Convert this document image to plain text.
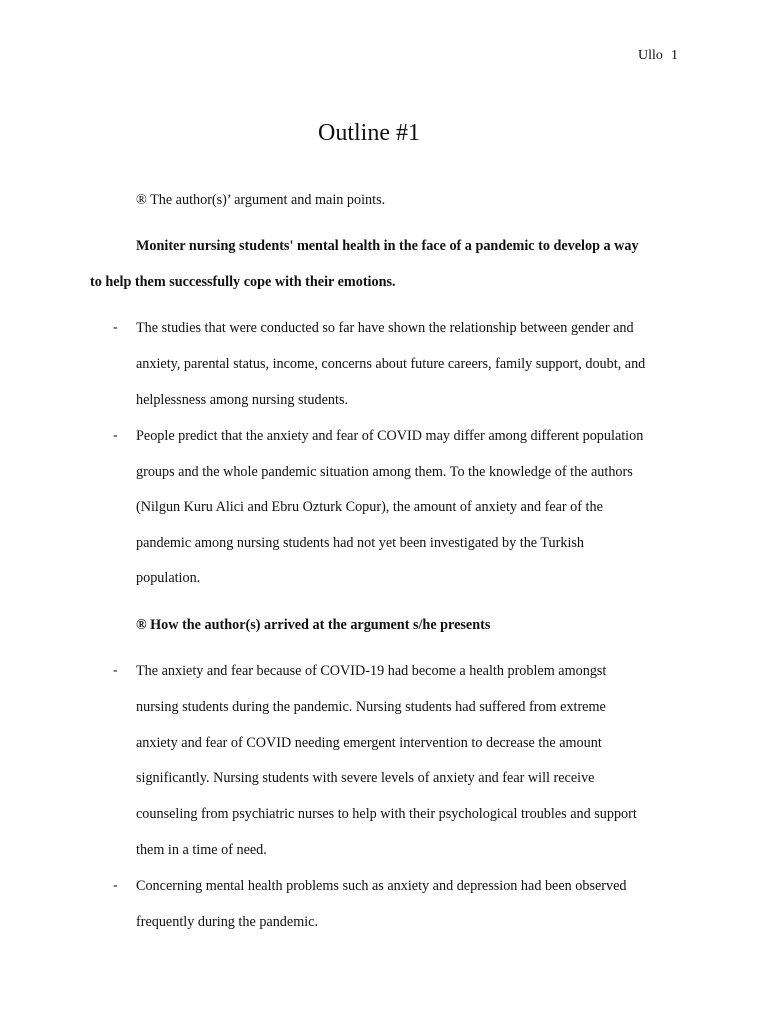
Ullo 1
Outline #1
® The author(s)’ argument and main points.
Moniter nursing students' mental health in the face of a pandemic to develop a way
to help them successfully cope with their emotions.
- The studies that were conducted so far have shown the relationship between gender and
anxiety, parental status, income, concerns about future careers, family support, doubt, and
helplessness among nursing students.
- People predict that the anxiety and fear of COVID may differ among different population
groups and the whole pandemic situation among them. To the knowledge of the authors
(Nilgun Kuru Alici and Ebru Ozturk Copur), the amount of anxiety and fear of the
pandemic among nursing students had not yet been investigated by the Turkish
population.
® How the author(s) arrived at the argument s/he presents
- The anxiety and fear because of COVID-19 had become a health problem amongst
nursing students during the pandemic. Nursing students had suffered from extreme
anxiety and fear of COVID needing emergent intervention to decrease the amount
significantly. Nursing students with severe levels of anxiety and fear will receive
counseling from psychiatric nurses to help with their psychological troubles and support
them in a time of need.
- Concerning mental health problems such as anxiety and depression had been observed
frequently during the pandemic.
